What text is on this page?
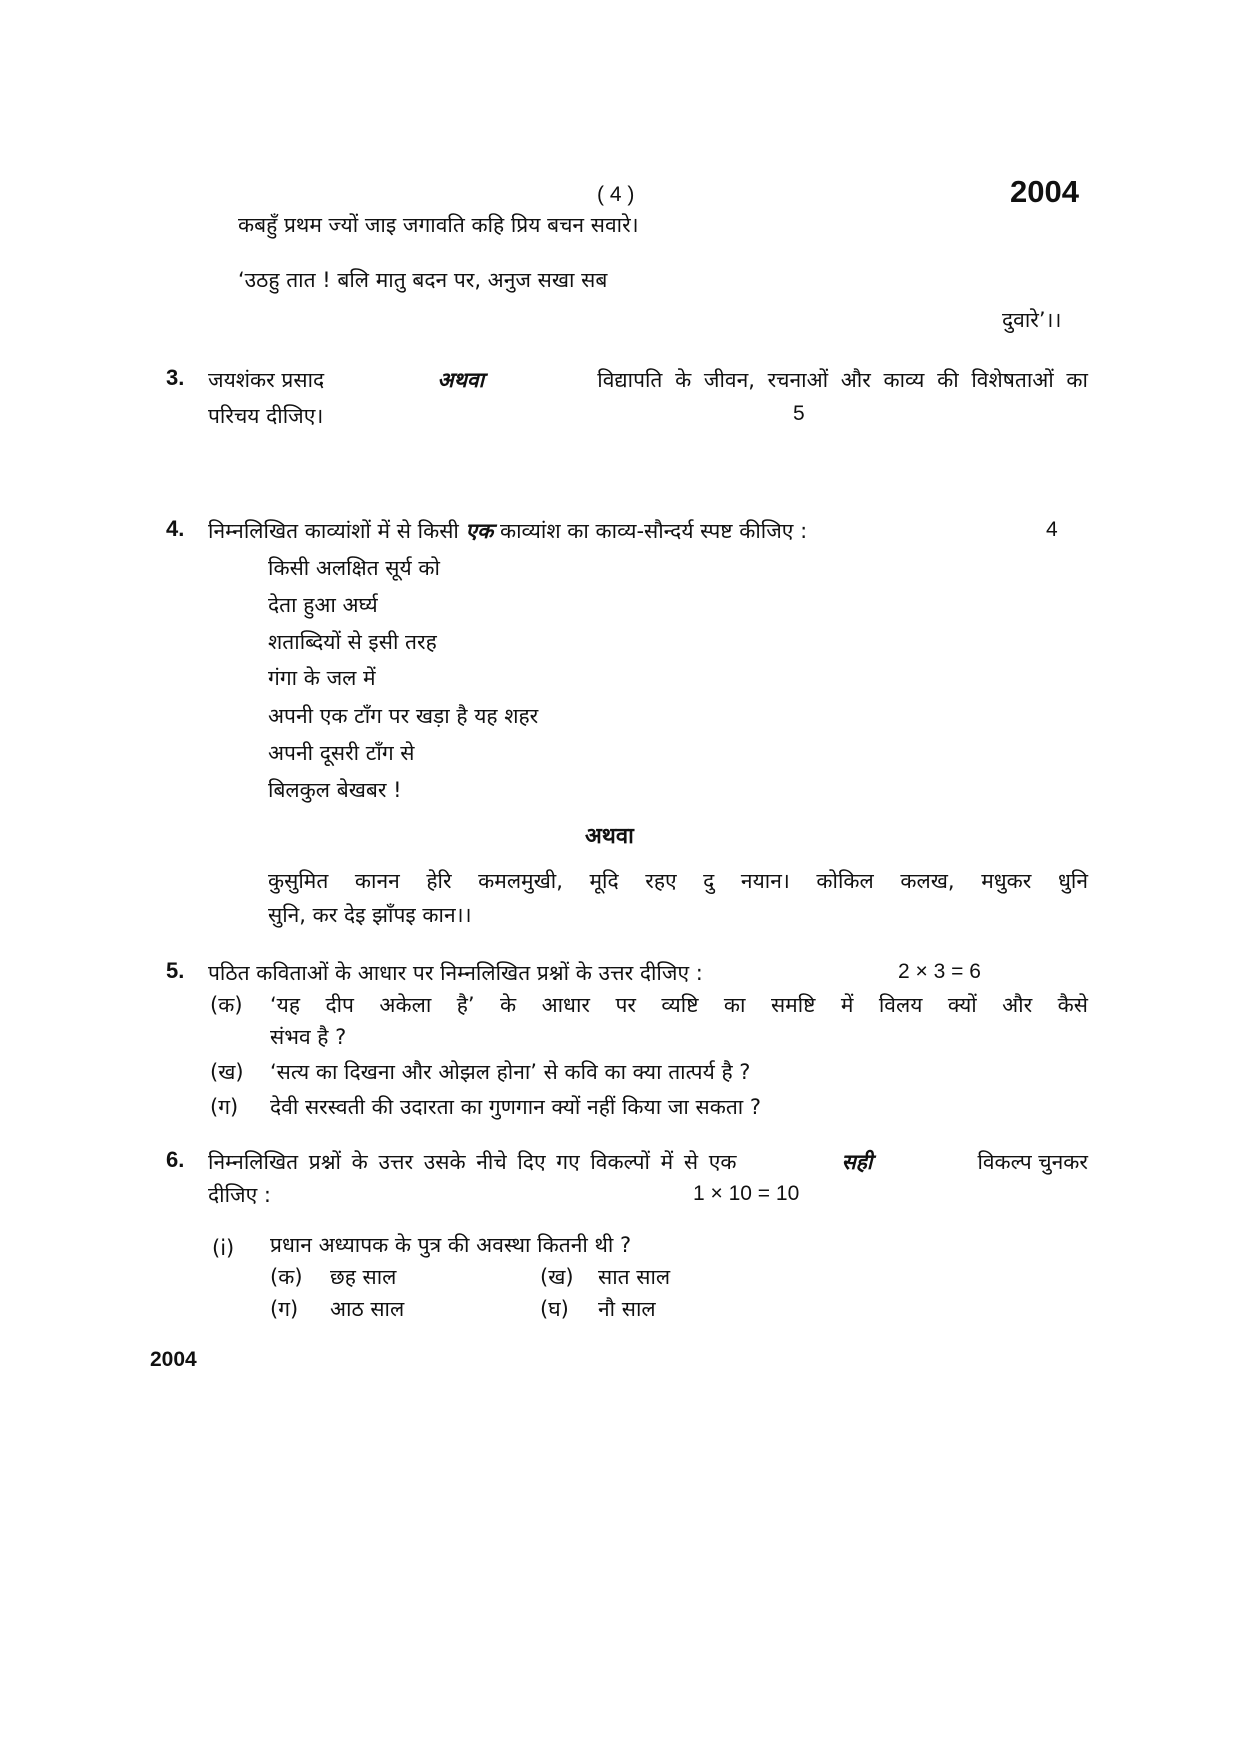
( 4 )	2004
कबहुँ प्रथम ज्यों जाइ जगावति कहि प्रिय बचन सवारे।
‘उठहु तात ! बलि मातु बदन पर, अनुज सखा सब
दुवारे’।।
3. जयशंकर प्रसाद	अथवा	विद्यापति के जीवन, रचनाओं और काव्य की विशेषताओं का
परिचय दीजिए।	5
4. निम्नलिखित काव्यांशों में से किसी एक काव्यांश का काव्य-सौन्दर्य स्पष्ट कीजिए :	4
किसी अलक्षित सूर्य को
देता हुआ अर्घ्य
शताब्दियों से इसी तरह
गंगा के जल में
अपनी एक टाँग पर खड़ा है यह शहर
अपनी दूसरी टाँग से
बिलकुल बेखबर !
अथवा
कुसुमित कानन हेरि कमलमुखी, मूदि रहए दु नयान। कोकिल कलख, मधुकर धुनि
सुनि, कर देइ झाँपइ कान।।
5. पठित कविताओं के आधार पर निम्नलिखित प्रश्नों के उत्तर दीजिए :	2 × 3 = 6
(क) ‘यह दीप अकेला है’ के आधार पर व्यष्टि का समष्टि में विलय क्यों और कैसे
संभव है ?
(ख) ‘सत्य का दिखना और ओझल होना’ से कवि का क्या तात्पर्य है ?
(ग) देवी सरस्वती की उदारता का गुणगान क्यों नहीं किया जा सकता ?
6. निम्नलिखित प्रश्नों के उत्तर उसके नीचे दिए गए विकल्पों में से एक	सही	विकल्प चुनकर
दीजिए :	1 × 10 = 10
(i) प्रधान अध्यापक के पुत्र की अवस्था कितनी थी ?
(क) छह साल	(ख) सात साल
(ग) आठ साल	(घ) नौ साल
2004
